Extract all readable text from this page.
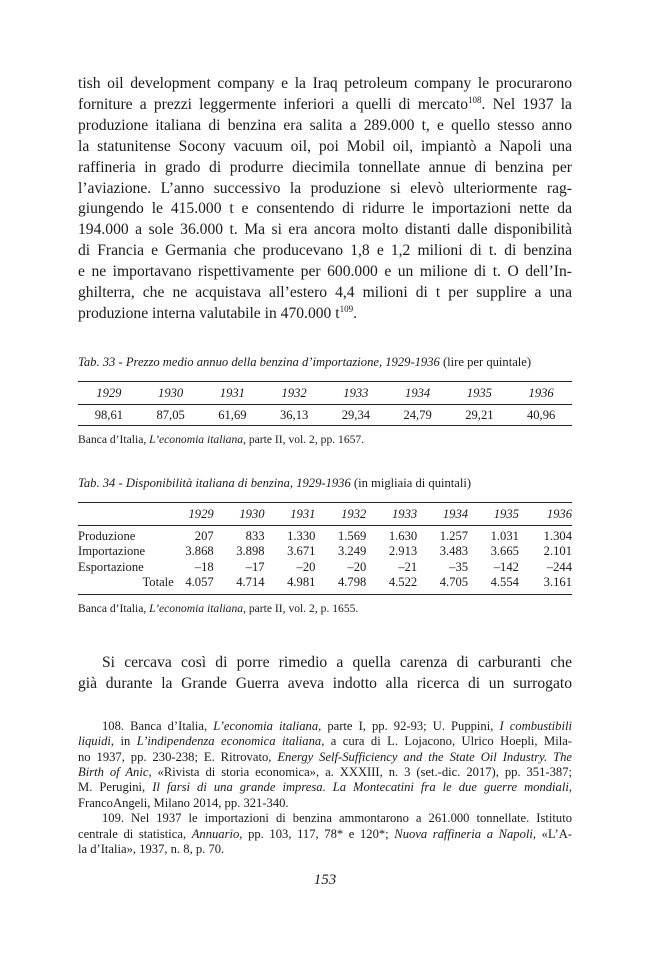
tish oil development company e la Iraq petroleum company le procurarono
forniture a prezzi leggermente inferiori a quelli di mercato$^{108}$. Nel 1937 la
produzione italiana di benzina era salita a 289.000 t, e quello stesso anno
la statunitense Socony vacuum oil, poi Mobil oil, impiantò a Napoli una
raffineria in grado di produrre diecimila tonnellate annue di benzina per
l’aviazione. L’anno successivo la produzione si elevò ulteriormente rag-
giungendo le 415.000 t e consentendo di ridurre le importazioni nette da
194.000 a sole 36.000 t. Ma si era ancora molto distanti dalle disponibilità
di Francia e Germania che producevano 1,8 e 1,2 milioni di t. di benzina
e ne importavano rispettivamente per 600.000 e un milione di t. O dell’In-
ghilterra, che ne acquistava all’estero 4,4 milioni di t per supplire a una
produzione interna valutabile in 470.000 $t^{109}$.

Tab. 33 - Prezzo medio annuo della benzina d’importazione, 1929-1936 (lire per quintale)

1929	1930	1931	1932	1933	1934	1935	1936
98,61	87,05	61,69	36,13	29,34	24,79	29,21	40,96

Banca d’Italia, L’economia italiana, parte II, vol. 2, pp. 1657.

Tab. 34 - Disponibilità italiana di benzina, 1929-1936 (in migliaia di quintali)

	1929	1930	1931	1932	1933	1934	1935	1936
Produzione	207	833	1.330	1.569	1.630	1.257	1.031	1.304
Importazione	3.868	3.898	3.671	3.249	2.913	3.483	3.665	2.101
Esportazione	–18	–17	–20	–20	–21	–35	–142	–244
Totale	4.057	4.714	4.981	4.798	4.522	4.705	4.554	3.161

Banca d’Italia, L’economia italiana, parte II, vol. 2, p. 1655.

Si cercava così di porre rimedio a quella carenza di carburanti che
già durante la Grande Guerra aveva indotto alla ricerca di un surrogato

108. Banca d’Italia, L’economia italiana, parte I, pp. 92-93; U. Puppini, I combustibili
liquidi, in L’indipendenza economica italiana, a cura di L. Lojacono, Ulrico Hoepli, Mila-
no 1937, pp. 230-238; E. Ritrovato, Energy Self-Sufficiency and the State Oil Industry. The
Birth of Anic, «Rivista di storia economica», a. XXXIII, n. 3 (set.-dic. 2017), pp. 351-387;
M. Perugini, Il farsi di una grande impresa. La Montecatini fra le due guerre mondiali,
FrancoAngeli, Milano 2014, pp. 321-340.
109. Nel 1937 le importazioni di benzina ammontarono a 261.000 tonnellate. Istituto
centrale di statistica, Annuario, pp. 103, 117, 78* e 120*; Nuova raffineria a Napoli, «L’A-
la d’Italia», 1937, n. 8, p. 70.
153
